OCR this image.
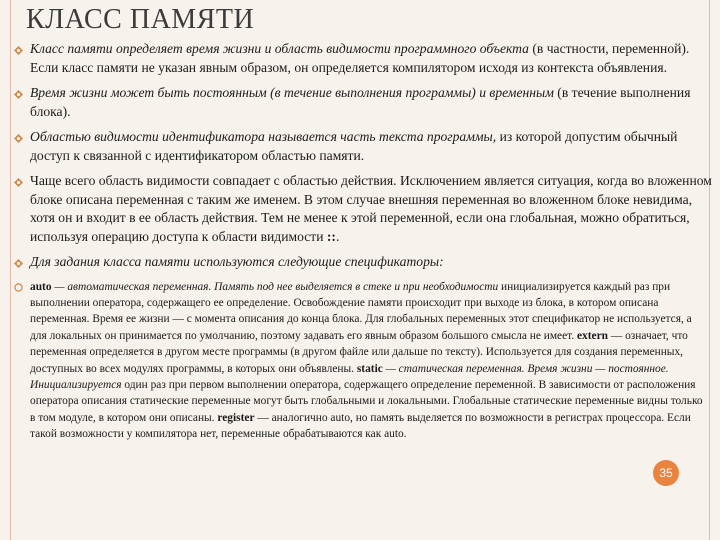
КЛАСС ПАМЯТИ
Класс памяти определяет время жизни и область видимости программного объекта (в частности, переменной). Если класс памяти не указан явным образом, он определяется компилятором исходя из контекста объявления.
Время жизни может быть постоянным (в течение выполнения программы) и временным (в течение выполнения блока).
Областью видимости идентификатора называется часть текста программы, из которой допустим обычный доступ к связанной с идентификатором областью памяти.
Чаще всего область видимости совпадает с областью действия. Исключением является ситуация, когда во вложенном блоке описана переменная с таким же именем. В этом случае внешняя переменная во вложенном блоке невидима, хотя он и входит в ее область действия. Тем не менее к этой переменной, если она глобальная, можно обратиться, используя операцию доступа к области видимости ::.
Для задания класса памяти используются следующие спецификаторы:
auto — автоматическая переменная. Память под нее выделяется в стеке и при необходимости инициализируется каждый раз при выполнении оператора, содержащего ее определение. Освобождение памяти происходит при выходе из блока, в котором описана переменная. Время ее жизни — с момента описания до конца блока. Для глобальных переменных этот спецификатор не используется, а для локальных он принимается по умолчанию, поэтому задавать его явным образом большого смысла не имеет. extern — означает, что переменная определяется в другом месте программы (в другом файле или дальше по тексту). Используется для создания переменных, доступных во всех модулях программы, в которых они объявлены. static — статическая переменная. Время жизни — постоянное. Инициализируется один раз при первом выполнении оператора, содержащего определение переменной. В зависимости от расположения оператора описания статические переменные могут быть глобальными и локальными. Глобальные статические переменные видны только в том модуле, в котором они описаны. register — аналогично auto, но память выделяется по возможности в регистрах процессора. Если такой возможности у компилятора нет, переменные обрабатываются как auto.
35
